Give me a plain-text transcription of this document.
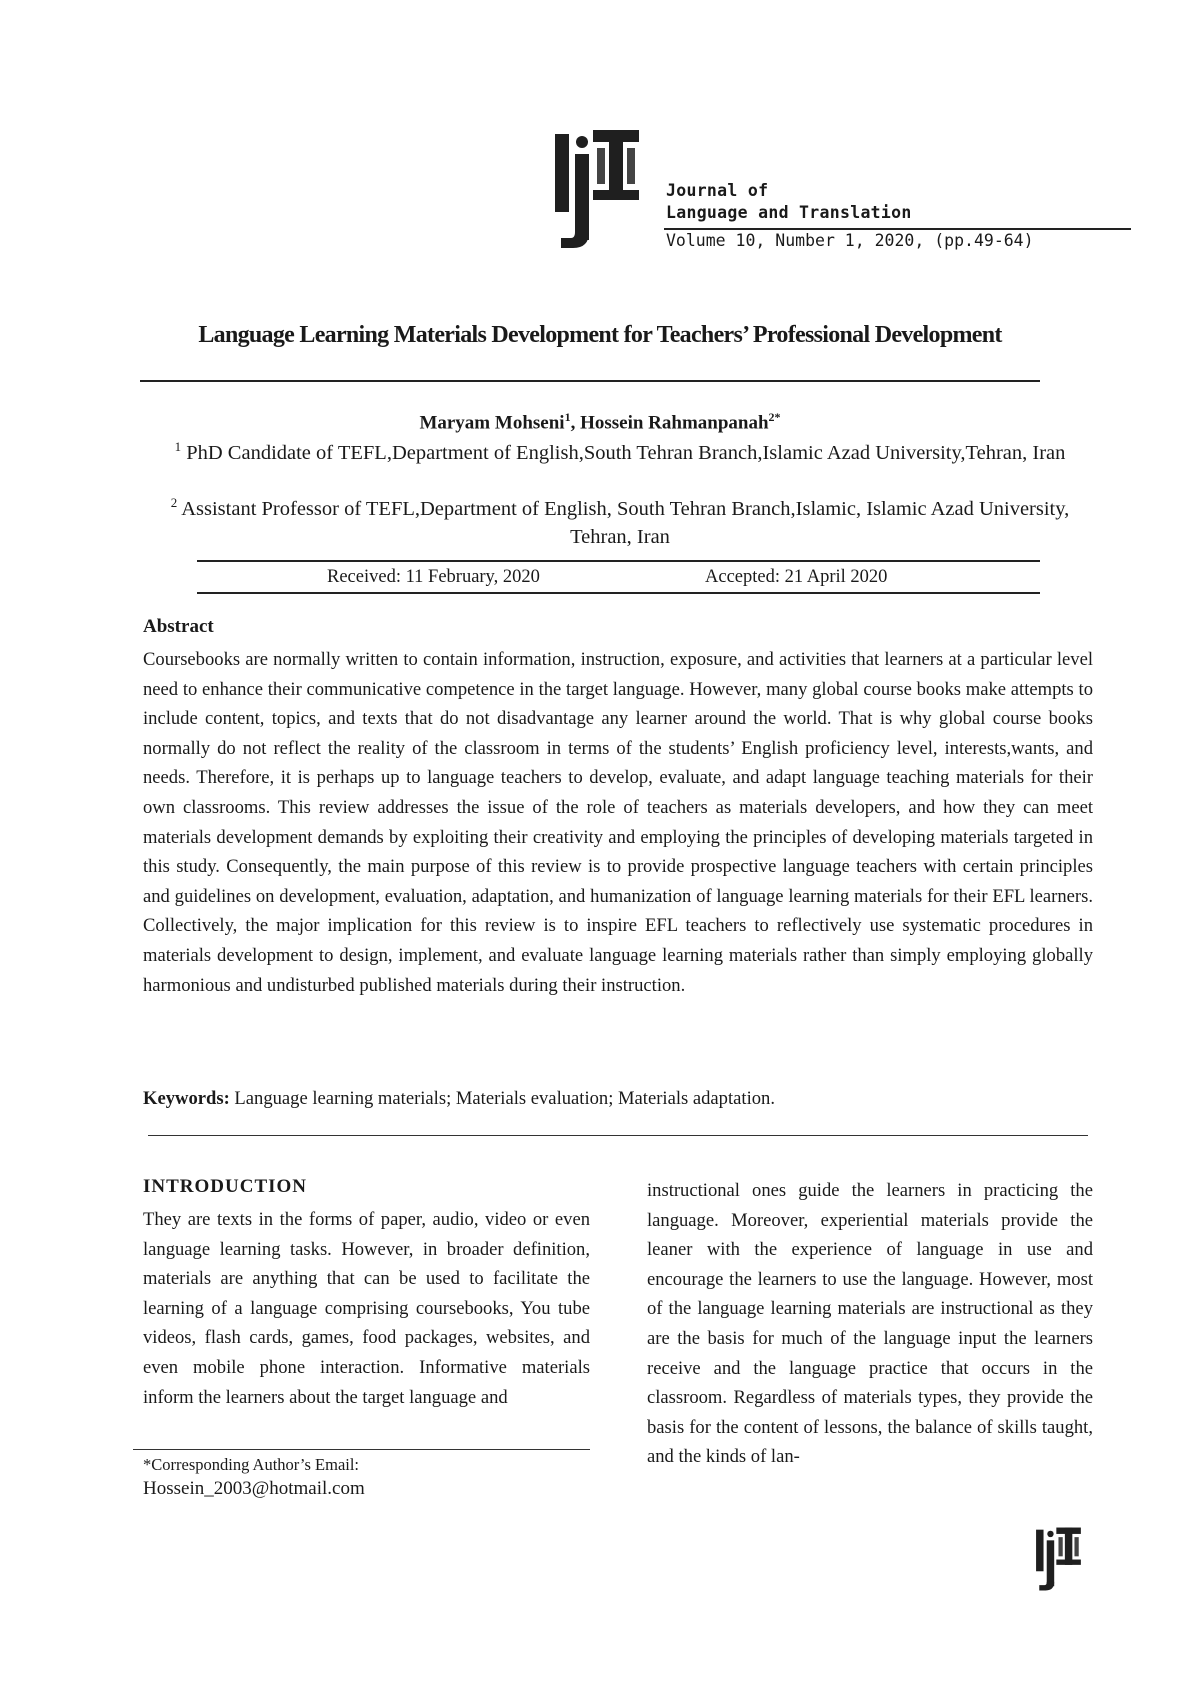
Journal of
Language and Translation
Volume 10, Number 1, 2020, (pp.49-64)
Language Learning Materials Development for Teachers’ Professional Development
Maryam Mohseni$^1$, Hossein Rahmanpanah$^{2*}$
$^1$ PhD Candidate of TEFL,Department of English,South Tehran Branch,Islamic Azad University,Tehran, Iran
$^2$ Assistant Professor of TEFL,Department of English, South Tehran Branch,Islamic, Islamic Azad University, Tehran, Iran
Received: 11 February, 2020	Accepted: 21 April 2020
Abstract
Coursebooks are normally written to contain information, instruction, exposure, and activities that learners at a particular level need to enhance their communicative competence in the target language. However, many global course books make attempts to include content, topics, and texts that do not disadvantage any learner around the world. That is why global course books normally do not reflect the reality of the classroom in terms of the students’ English proficiency level, interests,wants, and needs. Therefore, it is perhaps up to language teachers to develop, evaluate, and adapt language teaching materials for their own classrooms. This review addresses the issue of the role of teachers as materials developers, and how they can meet materials development demands by exploiting their creativity and employing the principles of developing materials targeted in this study. Consequently, the main purpose of this review is to provide prospective language teachers with certain principles and guidelines on development, evaluation, adaptation, and humanization of language learning materials for their EFL learners. Collectively, the major implication for this review is to inspire EFL teachers to reflectively use systematic procedures in materials development to design, implement, and evaluate language learning materials rather than simply employing globally harmonious and undisturbed published materials during their instruction.
Keywords: Language learning materials; Materials evaluation; Materials adaptation.
INTRODUCTION
They are texts in the forms of paper, audio, video or even language learning tasks. However, in broader definition, materials are anything that can be used to facilitate the learning of a language comprising coursebooks, You tube videos, flash cards, games, food packages, websites, and even mobile phone interaction. Informative materials inform the learners about the target language and
instructional ones guide the learners in practicing the language. Moreover, experiential materials provide the leaner with the experience of language in use and encourage the learners to use the language. However, most of the language learning materials are instructional as they are the basis for much of the language input the learners receive and the language practice that occurs in the classroom. Regardless of materials types, they provide the basis for the content of lessons, the balance of skills taught, and the kinds of lan-
*Corresponding Author’s Email:
Hossein_2003@hotmail.com
